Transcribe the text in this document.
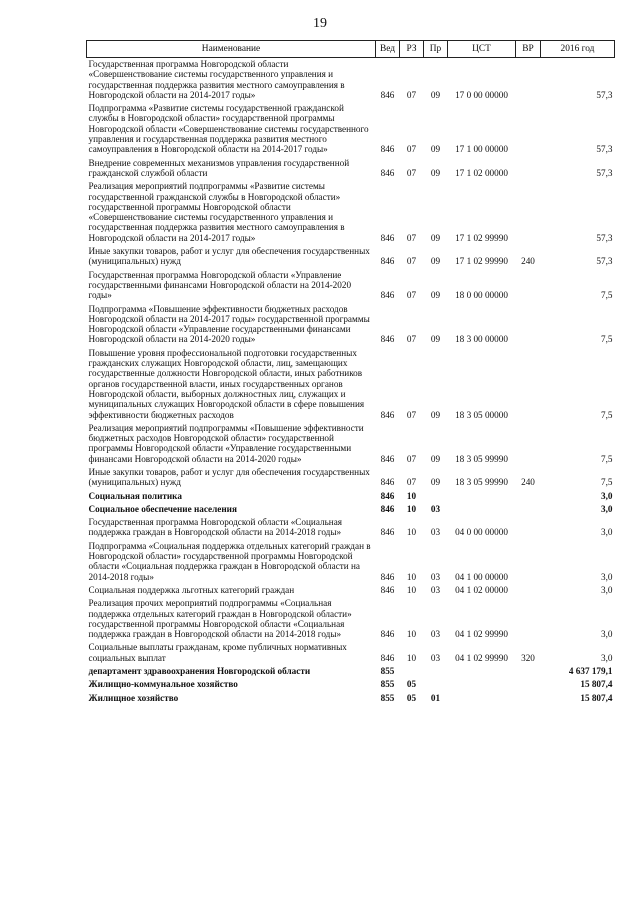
19
Наименование	Вед	РЗ	Пр	ЦСТ	ВР	2016 год
Государственная программа Новгородской области «Совершенствование системы государственного управления и государственная поддержка развития местного самоуправления в Новгородской области на 2014-2017 годы»	846	07	09	17 0 00 00000		57,3
Подпрограмма «Развитие системы государственной гражданской службы в Новгородской области» государственной программы Новгородской области «Совершенствование системы государственного управления и государственная поддержка развития местного самоуправления в Новгородской области на 2014-2017 годы»	846	07	09	17 1 00 00000		57,3
Внедрение современных механизмов управления государственной гражданской службой области	846	07	09	17 1 02 00000		57,3
Реализация мероприятий подпрограммы «Развитие системы государственной гражданской службы в Новгородской области» государственной программы Новгородской области «Совершенствование системы государственного управления и государственная поддержка развития местного самоуправления в Новгородской области на 2014-2017 годы»	846	07	09	17 1 02 99990		57,3
Иные закупки товаров, работ и услуг для обеспечения государственных (муниципальных) нужд	846	07	09	17 1 02 99990	240	57,3
Государственная программа Новгородской области «Управление государственными финансами Новгородской области на 2014-2020 годы»	846	07	09	18 0 00 00000		7,5
Подпрограмма «Повышение эффективности бюджетных расходов Новгородской области на 2014-2017 годы» государственной программы Новгородской области «Управление государственными финансами Новгородской области на 2014-2020 годы»	846	07	09	18 3 00 00000		7,5
Повышение уровня профессиональной подготовки государственных гражданских служащих Новгородской области, лиц, замещающих государственные должности Новгородской области, иных работников органов государственной власти, иных государственных органов Новгородской области, выборных должностных лиц, служащих и муниципальных служащих Новгородской области в сфере повышения эффективности бюджетных расходов	846	07	09	18 3 05 00000		7,5
Реализация мероприятий подпрограммы «Повышение эффективности бюджетных расходов Новгородской области» государственной программы Новгородской области «Управление государственными финансами Новгородской области на 2014-2020 годы»	846	07	09	18 3 05 99990		7,5
Иные закупки товаров, работ и услуг для обеспечения государственных (муниципальных) нужд	846	07	09	18 3 05 99990	240	7,5
Социальная политика	846	10				3,0
Социальное обеспечение населения	846	10	03			3,0
Государственная программа Новгородской области «Социальная поддержка граждан в Новгородской области на 2014-2018 годы»	846	10	03	04 0 00 00000		3,0
Подпрограмма «Социальная поддержка отдельных категорий граждан в Новгородской области» государственной программы Новгородской области «Социальная поддержка граждан в Новгородской области на 2014-2018 годы»	846	10	03	04 1 00 00000		3,0
Социальная поддержка льготных категорий граждан	846	10	03	04 1 02 00000		3,0
Реализация прочих мероприятий подпрограммы «Социальная поддержка отдельных категорий граждан в Новгородской области» государственной программы Новгородской области «Социальная поддержка граждан в Новгородской области на 2014-2018 годы»	846	10	03	04 1 02 99990		3,0
Социальные выплаты гражданам, кроме публичных нормативных социальных выплат	846	10	03	04 1 02 99990	320	3,0
департамент здравоохранения Новгородской области	855					4 637 179,1
Жилищно-коммунальное хозяйство	855	05				15 807,4
Жилищное хозяйство	855	05	01			15 807,4
